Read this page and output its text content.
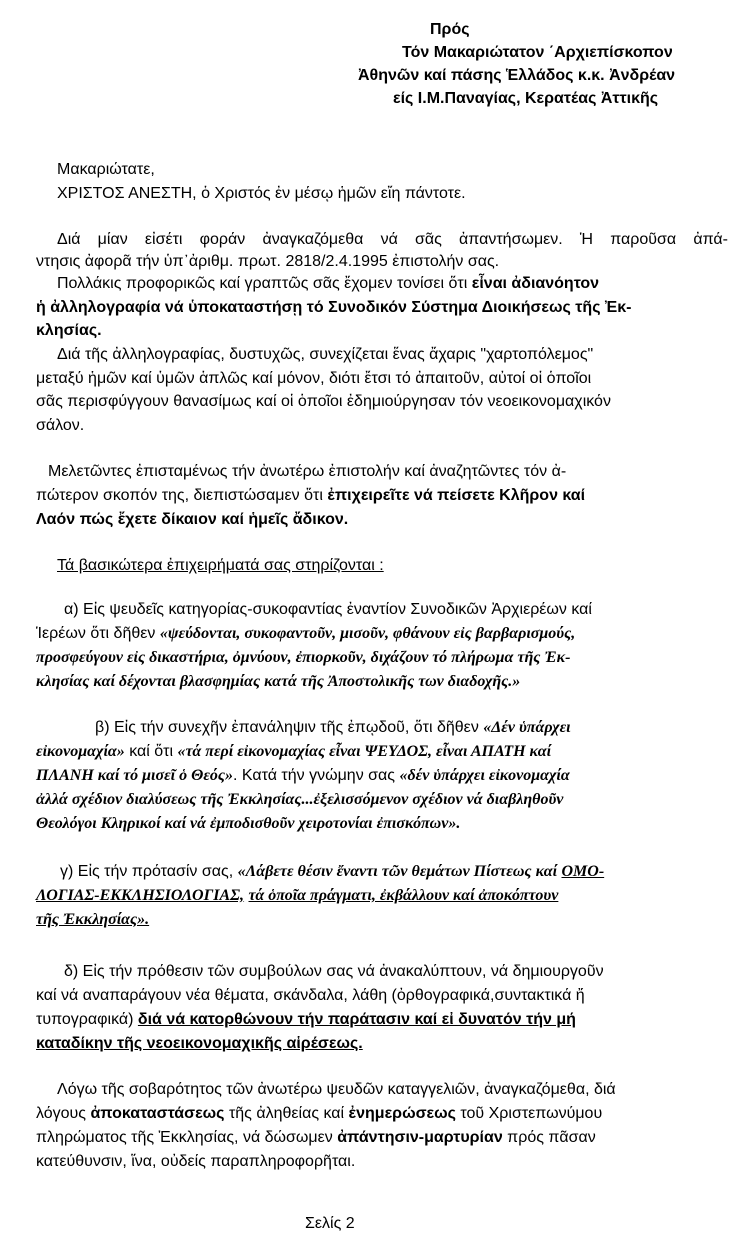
Πρός
Τόν Μακαριώτατον ΄Αρχιεπίσκοπον
Ἀθηνῶν καί πάσης Ἑλλάδος κ.κ. Ἀνδρέαν
είς Ι.Μ.Παναγίας, Κερατέας Ἀττικῆς
Μακαριώτατε,
ΧΡΙΣΤΟΣ ΑΝΕΣΤΗ, ὁ Χριστός ἐν μέσῳ ἡμῶν εἴη πάντοτε.
Διά μίαν εἰσέτι φοράν ἀναγκαζόμεθα νά σᾶς ἀπαντήσωμεν. Ἡ παροῦσα ἀπά-
ντησις ἀφορᾶ τήν ὑπ᾽ἀριθμ. πρωτ. 2818/2.4.1995 ἐπιστολήν σας.
Πολλάκις προφορικῶς καί γραπτῶς σᾶς ἔχομεν τονίσει ὅτι εἶναι ἀδιανόητον
ἡ ἀλληλογραφία νά ὑποκαταστήσῃ τό Συνοδικόν Σύστημα Διοικήσεως τῆς Ἐκ-
κλησίας.
Διά τῆς ἀλληλογραφίας, δυστυχῶς, συνεχίζεται ἕνας ἄχαρις "χαρτοπόλεμος"
μεταξύ ἡμῶν καί ὑμῶν ἁπλῶς καί μόνον, διότι ἔτσι τό ἀπαιτοῦν, αὐτοί οἱ ὁποῖοι
σᾶς περισφύγγουν θανασίμως καί οἱ ὁποῖοι ἐδημιούργησαν τόν νεοεικονομαχικόν
σάλον.
Μελετῶντες ἐπισταμένως τήν ἀνωτέρω ἐπιστολήν καί ἀναζητῶντες τόν ἀ-
πώτερον σκοπόν της, διεπιστώσαμεν ὅτι ἐπιχειρεῖτε νά πείσετε Κλῆρον καί
Λαόν πώς ἔχετε δίκαιον καί ἡμεῖς ἄδικον.
Τά βασικώτερα ἐπιχειρήματά σας στηρίζονται :
α) Εἰς ψευδεῖς κατηγορίας-συκοφαντίας ἐναντίον Συνοδικῶν Ἀρχιερέων καί
Ἱερέων ὅτι δῆθεν «ψεύδονται, συκοφαντοῦν, μισοῦν, φθάνουν εἰς βαρβαρισμούς,
προσφεύγουν εἰς δικαστήρια, ὀμνύουν, ἐπιορκοῦν, διχάζουν τό πλήρωμα τῆς Ἐκ-
κλησίας καί δέχονται βλασφημίας κατά τῆς Ἀποστολικῆς των διαδοχῆς.»
β) Εἰς τήν συνεχῆν ἐπανάληψιν τῆς ἐπῳδοῦ, ὅτι δῆθεν «Δέν ὑπάρχει
εἰκονομαχία» καί ὅτι «τά περί εἰκονομαχίας εἶναι ΨΕΥΔΟΣ, εἶναι ΑΠΑΤΗ καί
ΠΛΑΝΗ καί τό μισεῖ ὁ Θεός». Κατά τήν γνώμην σας «δέν ὑπάρχει εἰκονομαχία
ἀλλά σχέδιον διαλύσεως τῆς Ἐκκλησίας...ἐξελισσόμενον σχέδιον νά διαβληθοῦν
Θεολόγοι Κληρικοί καί νά ἐμποδισθοῦν χειροτονίαι ἐπισκόπων».
γ) Εἰς τήν πρότασίν σας, «Λάβετε θέσιν ἔναντι τῶν θεμάτων Πίστεως καί ΟΜΟ-
ΛΟΓΙΑΣ-ΕΚΚΛΗΣΙΟΛΟΓΙΑΣ, τά ὁποῖα πράγματι, ἐκβάλλουν καί ἀποκόπτουν
τῆς Ἐκκλησίας».
δ) Εἰς τήν πρόθεσιν τῶν συμβούλων σας νά ἀνακαλύπτουν, νά δημιουργοῦν
καί νά αναπαράγουν νέα θέματα, σκάνδαλα, λάθη (ὀρθογραφικά,συντακτικά ἤ
τυπογραφικά) διά νά κατορθώνουν τήν παράτασιν καί εἰ δυνατόν τήν μή
καταδίκην τῆς νεοεικονομαχικῆς αἱρέσεως.
Λόγω τῆς σοβαρότητος τῶν ἀνωτέρω ψευδῶν καταγγελιῶν, ἀναγκαζόμεθα, διά
λόγους ἀποκαταστάσεως τῆς ἀληθείας καί ἐνημερώσεως τοῦ Χριστεπωνύμου
πληρώματος τῆς Ἐκκλησίας, νά δώσωμεν ἀπάντησιν-μαρτυρίαν πρός πᾶσαν
κατεύθυνσιν, ἵνα, οὐδείς παραπληροφορῆται.
Σελίς 2
